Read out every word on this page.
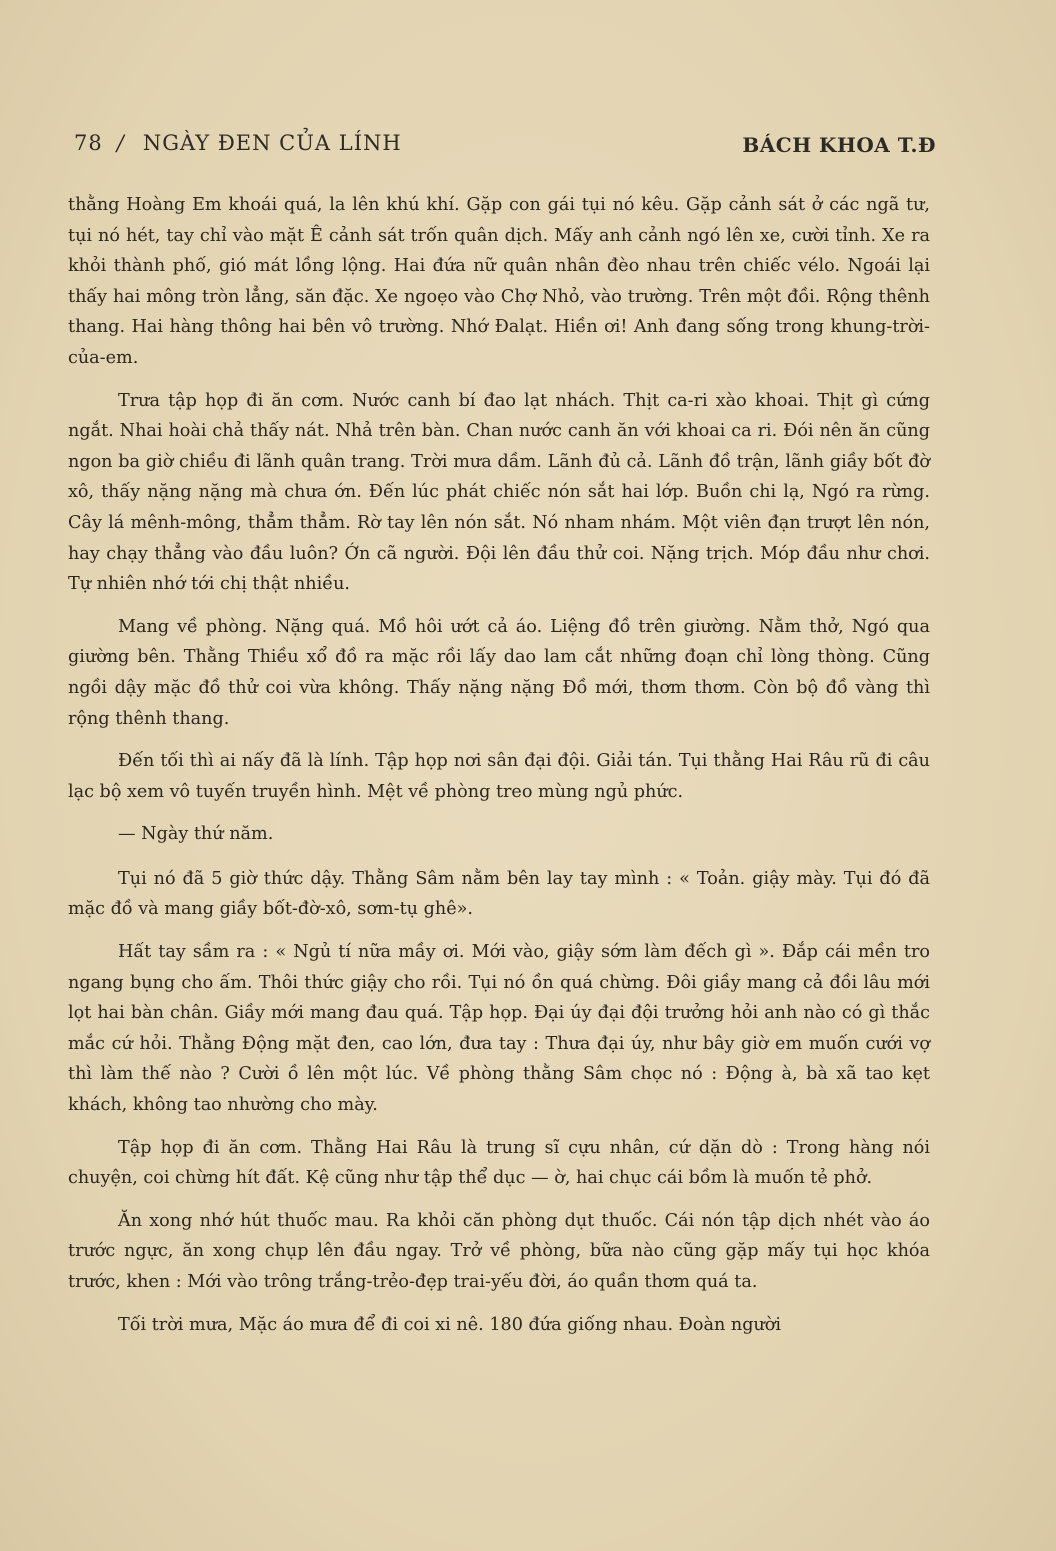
78 / NGÀY ĐEN CỦA LÍNH	BÁCH KHOA T.Đ

thằng Hoàng Em khoái quá, la lên khú khí. Gặp con gái tụi nó kêu. Gặp cảnh sát ở các ngã tư, tụi nó hét, tay chỉ vào mặt Ê cảnh sát trốn quân dịch. Mấy anh cảnh ngó lên xe, cười tỉnh. Xe ra khỏi thành phố, gió mát lồng lộng. Hai đứa nữ quân nhân đèo nhau trên chiếc vélo. Ngoái lại thấy hai mông tròn lẳng, săn đặc. Xe ngoẹo vào Chợ Nhỏ, vào trường. Trên một đồi. Rộng thênh thang. Hai hàng thông hai bên vô trường. Nhớ Đalạt. Hiền ơi! Anh đang sống trong khung-trời-của-em.

Trưa tập họp đi ăn cơm. Nước canh bí đao lạt nhách. Thịt ca-ri xào khoai. Thịt gì cứng ngắt. Nhai hoài chả thấy nát. Nhả trên bàn. Chan nước canh ăn với khoai ca ri. Đói nên ăn cũng ngon ba giờ chiều đi lãnh quân trang. Trời mưa dầm. Lãnh đủ cả. Lãnh đồ trận, lãnh giầy bốt đờ xô, thấy nặng nặng mà chưa ớn. Đến lúc phát chiếc nón sắt hai lớp. Buồn chi lạ, Ngó ra rừng. Cây lá mênh-mông, thẳm thẳm. Rờ tay lên nón sắt. Nó nham nhám. Một viên đạn trượt lên nón, hay chạy thẳng vào đầu luôn? Ớn cã người. Đội lên đầu thử coi. Nặng trịch. Móp đầu như chơi. Tự nhiên nhớ tới chị thật nhiều.

Mang về phòng. Nặng quá. Mồ hôi ướt cả áo. Liệng đồ trên giường. Nằm thở, Ngó qua giường bên. Thằng Thiều xổ đồ ra mặc rồi lấy dao lam cắt những đoạn chỉ lòng thòng. Cũng ngồi dậy mặc đồ thử coi vừa không. Thấy nặng nặng Đồ mới, thơm thơm. Còn bộ đồ vàng thì rộng thênh thang.

Đến tối thì ai nấy đã là lính. Tập họp nơi sân đại đội. Giải tán. Tụi thằng Hai Râu rũ đi câu lạc bộ xem vô tuyến truyền hình. Mệt về phòng treo mùng ngủ phức.

— Ngày thứ năm.

Tụi nó đã 5 giờ thức dậy. Thằng Sâm nằm bên lay tay mình : « Toản. giậy mày. Tụi đó đã mặc đồ và mang giầy bốt-đờ-xô, sơm-tụ ghê».

Hất tay sầm ra : « Ngủ tí nữa mầy ơi. Mới vào, giậy sớm làm đếch gì ». Đắp cái mền tro ngang bụng cho ấm. Thôi thức giậy cho rồi. Tụi nó ồn quá chừng. Đôi giầy mang cả đồi lâu mới lọt hai bàn chân. Giầy mới mang đau quá. Tập họp. Đại úy đại đội trưởng hỏi anh nào có gì thắc mắc cứ hỏi. Thằng Động mặt đen, cao lớn, đưa tay : Thưa đại úy, như bây giờ em muốn cưới vợ thì làm thế nào ? Cười ồ lên một lúc. Về phòng thằng Sâm chọc nó : Động à, bà xã tao kẹt khách, không tao nhường cho mày.

Tập họp đi ăn cơm. Thằng Hai Râu là trung sĩ cựu nhân, cứ dặn dò : Trong hàng nói chuyện, coi chừng hít đất. Kệ cũng như tập thể dục — ờ, hai chục cái bồm là muốn tẻ phở.

Ăn xong nhớ hút thuốc mau. Ra khỏi căn phòng dụt thuốc. Cái nón tập dịch nhét vào áo trước ngực, ăn xong chụp lên đầu ngay. Trở về phòng, bữa nào cũng gặp mấy tụi học khóa trước, khen : Mới vào trông trắng-trẻo-đẹp trai-yếu đời, áo quần thơm quá ta.

Tối trời mưa, Mặc áo mưa để đi coi xi nê. 180 đứa giống nhau. Đoàn người
